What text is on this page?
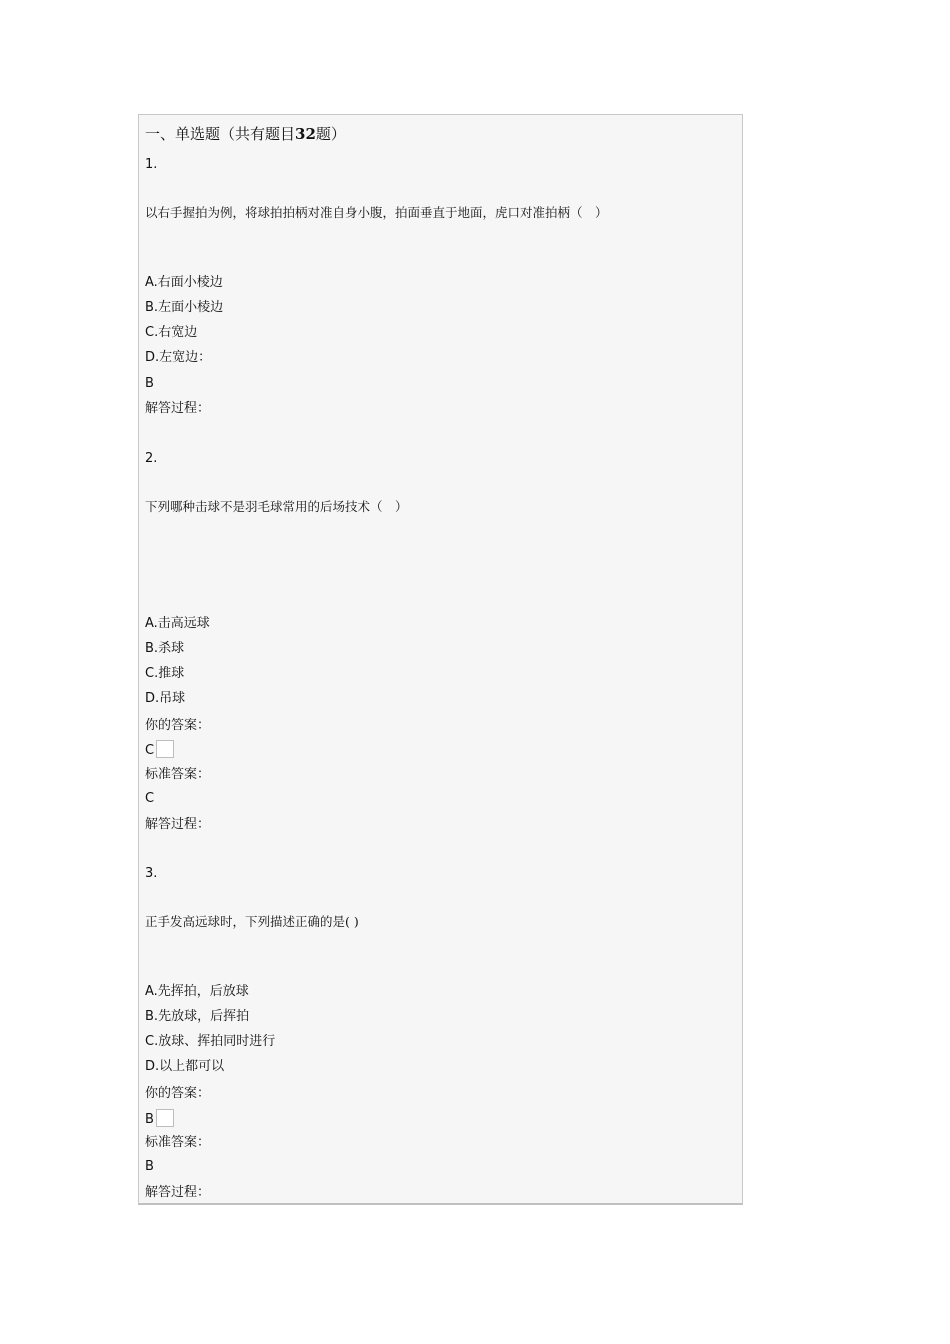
一、单选题（共有题目32题）
1.
以右手握拍为例，将球拍拍柄对准自身小腹，拍面垂直于地面，虎口对准拍柄（　）
A.右面小棱边
B.左面小棱边
C.右宽边
D.左宽边：
B
解答过程：
2.
下列哪种击球不是羽毛球常用的后场技术（　）
A.击高远球
B.杀球
C.推球
D.吊球
你的答案：
C
标准答案：
C
解答过程：
3.
正手发高远球时，下列描述正确的是( )
A.先挥拍，后放球
B.先放球，后挥拍
C.放球、挥拍同时进行
D.以上都可以
你的答案：
B
标准答案：
B
解答过程：
